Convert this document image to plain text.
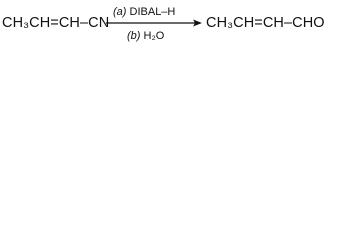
CH₃CH=CH–CN
(a) DIBAL–H
(b) H₂O
CH₃CH=CH–CHO
